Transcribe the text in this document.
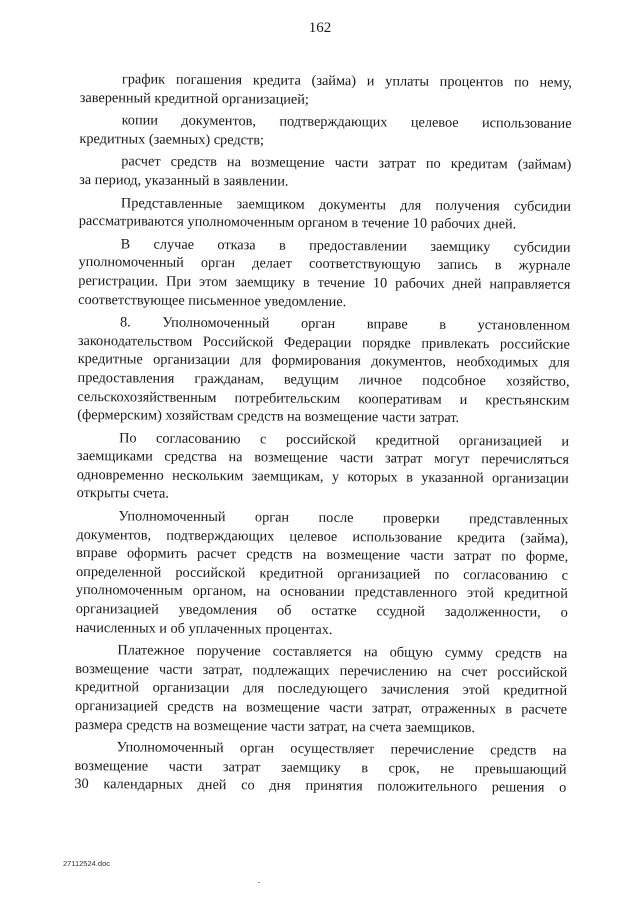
162
график погашения кредита (займа) и уплаты процентов по нему,
заверенный кредитной организацией;
копии документов, подтверждающих целевое использование
кредитных (заемных) средств;
расчет средств на возмещение части затрат по кредитам (займам)
за период, указанный в заявлении.
Представленные заемщиком документы для получения субсидии
рассматриваются уполномоченным органом в течение 10 рабочих дней.
В случае отказа в предоставлении заемщику субсидии
уполномоченный орган делает соответствующую запись в журнале
регистрации. При этом заемщику в течение 10 рабочих дней направляется
соответствующее письменное уведомление.
8. Уполномоченный орган вправе в установленном
законодательством Российской Федерации порядке привлекать российские
кредитные организации для формирования документов, необходимых для
предоставления гражданам, ведущим личное подсобное хозяйство,
сельскохозяйственным потребительским кооперативам и крестьянским
(фермерским) хозяйствам средств на возмещение части затрат.
По согласованию с российской кредитной организацией и
заемщиками средства на возмещение части затрат могут перечисляться
одновременно нескольким заемщикам, у которых в указанной организации
открыты счета.
Уполномоченный орган после проверки представленных
документов, подтверждающих целевое использование кредита (займа),
вправе оформить расчет средств на возмещение части затрат по форме,
определенной российской кредитной организацией по согласованию с
уполномоченным органом, на основании представленного этой кредитной
организацией уведомления об остатке ссудной задолженности, о
начисленных и об уплаченных процентах.
Платежное поручение составляется на общую сумму средств на
возмещение части затрат, подлежащих перечислению на счет российской
кредитной организации для последующего зачисления этой кредитной
организацией средств на возмещение части затрат, отраженных в расчете
размера средств на возмещение части затрат, на счета заемщиков.
Уполномоченный орган осуществляет перечисление средств на
возмещение части затрат заемщику в срок, не превышающий
30 календарных дней со дня принятия положительного решения о
27112524.doc
